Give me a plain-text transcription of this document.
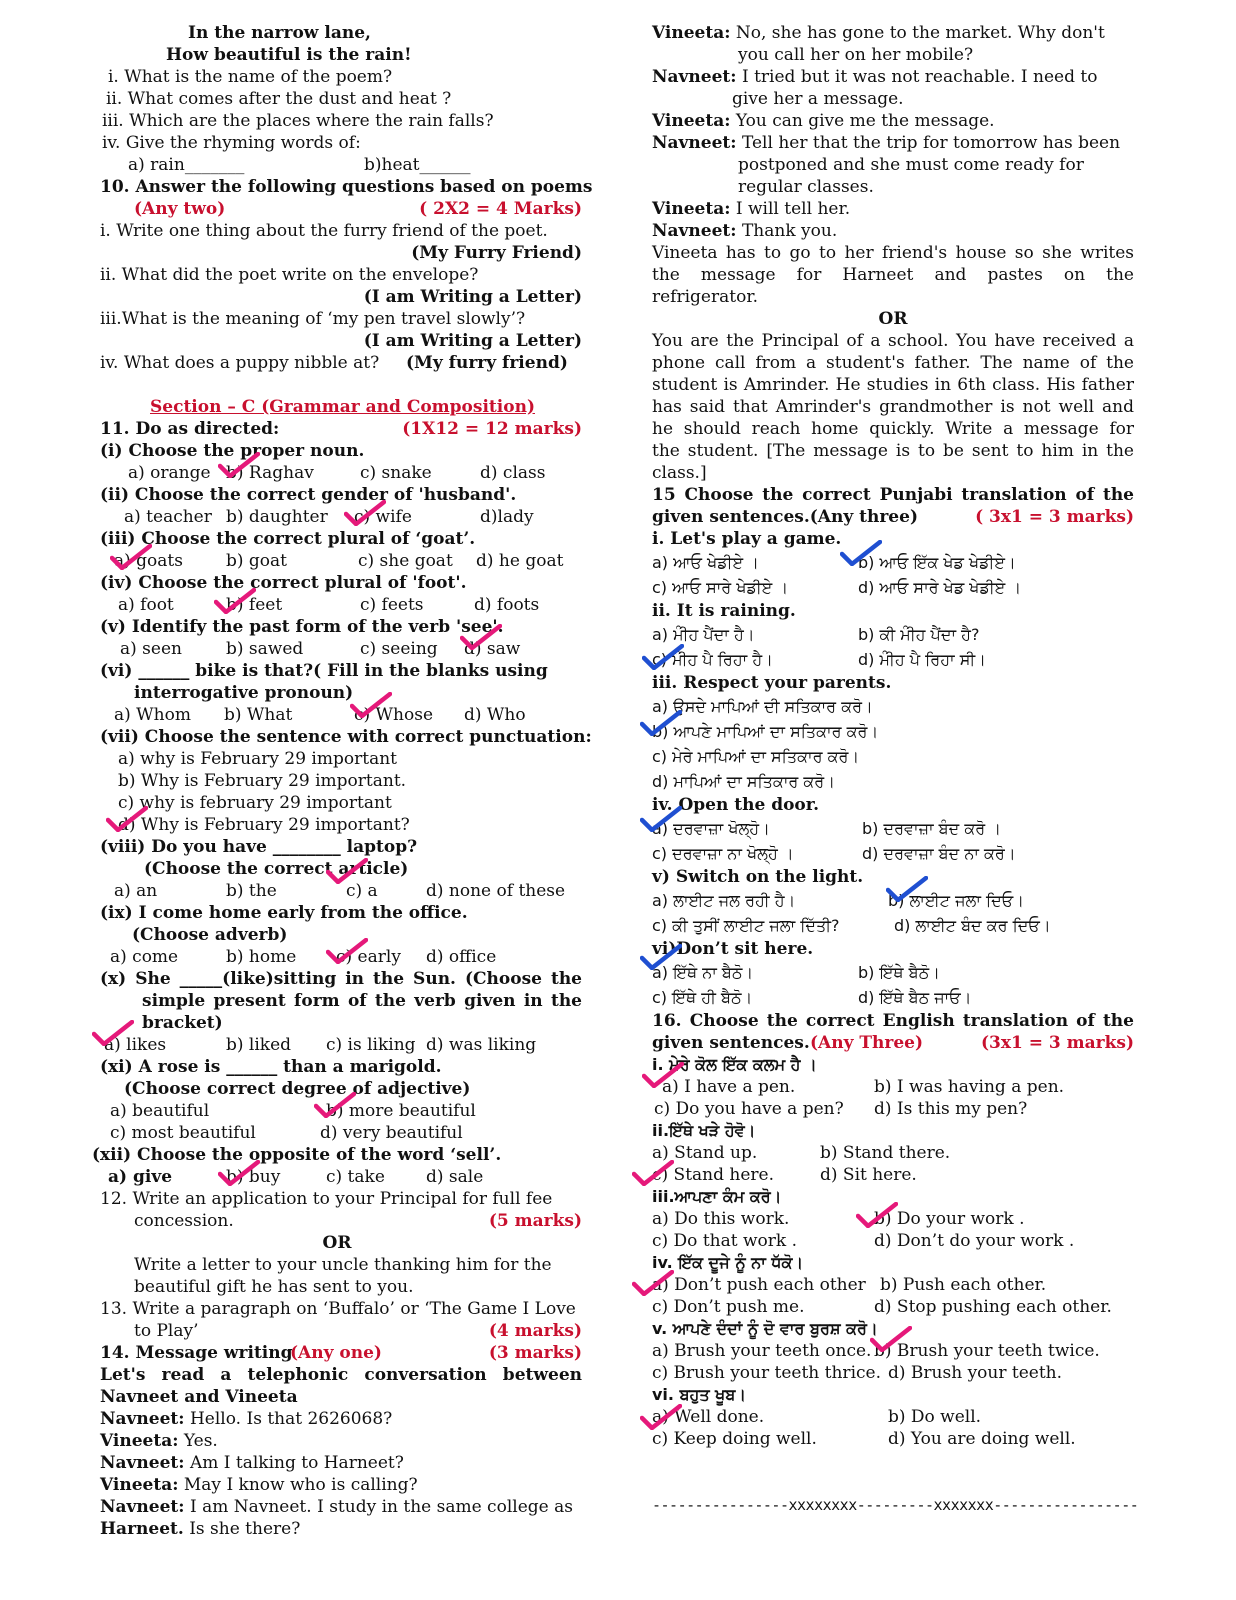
In the narrow lane,
How beautiful is the rain!
i. What is the name of the poem?
ii. What comes after the dust and heat ?
iii. Which are the places where the rain falls?
iv. Give the rhyming words of:
a) rain_______	b)heat______
10. Answer the following questions based on poems
(Any two)	( 2X2 = 4 Marks)
i. Write one thing about the furry friend of the poet.
(My Furry Friend)
ii. What did the poet write on the envelope?
(I am Writing a Letter)
iii.What is the meaning of ‘my pen travel slowly’?
(I am Writing a Letter)
iv. What does a puppy nibble at? (My furry friend)
Section – C (Grammar and Composition)
11. Do as directed:	(1X12 = 12 marks)
(i) Choose the proper noun.
a) orange b) Raghav	c) snake	d) class
(ii) Choose the correct gender of 'husband'.
a) teacher b) daughter c) wife	d)lady
(iii) Choose the correct plural of ‘goat’.
a) goats	b) goat	c) she goat d) he goat
(iv) Choose the correct plural of 'foot'.
a) foot	b) feet	c) feets	d) foots
(v) Identify the past form of the verb 'see'.
a) seen	b) sawed	c) seeing d) saw
(vi) ______ bike is that?( Fill in the blanks using
interrogative pronoun)
a) Whom b) What	c) Whose d) Who
(vii) Choose the sentence with correct punctuation:
a) why is February 29 important
b) Why is February 29 important.
c) why is february 29 important
d) Why is February 29 important?
(viii) Do you have ________ laptop?
(Choose the correct article)
a) an	b) the	c) a	d) none of these
(ix) I come home early from the office.
(Choose adverb)
a) come	b) home c) early d) office
(x) She _____(like)sitting in the Sun. (Choose the
simple present form of the verb given in the
bracket)
a) likes	b) liked c) is liking d) was liking
(xi) A rose is ______ than a marigold.
(Choose correct degree of adjective)
a) beautiful	b) more beautiful
c) most beautiful	d) very beautiful
(xii) Choose the opposite of the word ‘sell’.
a) give	b) buy	c) take d) sale
12. Write an application to your Principal for full fee
concession.	(5 marks)
OR
Write a letter to your uncle thanking him for the
beautiful gift he has sent to you.
13. Write a paragraph on ‘Buffalo’ or ‘The Game I Love
to Play’	(4 marks)
14. Message writing
(Any one)	(3 marks)
Let's read a telephonic conversation between
Navneet and Vineeta
Navneet: Hello. Is that 2626068?
Vineeta: Yes.
Navneet: Am I talking to Harneet?
Vineeta: May I know who is calling?
Navneet: I am Navneet. I study in the same college as
Harneet. Is she there?
Vineeta: No, she has gone to the market. Why don't
you call her on her mobile?
Navneet: I tried but it was not reachable. I need to
give her a message.
Vineeta: You can give me the message.
Navneet: Tell her that the trip for tomorrow has been
postponed and she must come ready for
regular classes.
Vineeta: I will tell her.
Navneet: Thank you.
Vineeta has to go to her friend's house so she writes
the message for Harneet and pastes on the
refrigerator.
OR
You are the Principal of a school. You have received a
phone call from a student's father. The name of the
student is Amrinder. He studies in 6th class. His father
has said that Amrinder's grandmother is not well and
he should reach home quickly. Write a message for
the student. [The message is to be sent to him in the
class.]
15 Choose the correct Punjabi translation of the
given sentences.(Any three)	( 3x1 = 3 marks)
i. Let's play a game.
a) ਆਓ ਖੇਡੀਏ ।	b) ਆਓ ਇੱਕ ਖੇਡ ਖੇਡੀਏ।
c) ਆਓ ਸਾਰੇ ਖੇਡੀਏ ।	d) ਆਓ ਸਾਰੇ ਖੇਡ ਖੇਡੀਏ ।
ii. It is raining.
a) ਮੀੰਹ ਪੈਂਦਾ ਹੈ।	b) ਕੀ ਮੀੰਹ ਪੈਂਦਾ ਹੈ?
c) ਮੀੰਹ ਪੈ ਰਿਹਾ ਹੈ।	d) ਮੀੰਹ ਪੈ ਰਿਹਾ ਸੀ।
iii. Respect your parents.
a) ਉਸਦੇ ਮਾਪਿਆਂ ਦੀ ਸਤਿਕਾਰ ਕਰੋ।
b) ਆਪਣੇ ਮਾਪਿਆਂ ਦਾ ਸਤਿਕਾਰ ਕਰੋ।
c) ਮੇਰੇ ਮਾਪਿਆਂ ਦਾ ਸਤਿਕਾਰ ਕਰੋ।
d) ਮਾਪਿਆਂ ਦਾ ਸਤਿਕਾਰ ਕਰੋ।
iv. Open the door.
a) ਦਰਵਾਜ਼ਾ ਖੋਲ੍ਹੋ।	b) ਦਰਵਾਜ਼ਾ ਬੰਦ ਕਰੋ ।
c) ਦਰਵਾਜ਼ਾ ਨਾ ਖੋਲ੍ਹੋ ।	d) ਦਰਵਾਜ਼ਾ ਬੰਦ ਨਾ ਕਰੋ।
v) Switch on the light.
a) ਲਾਈਟ ਜਲ ਰਹੀ ਹੈ।	b) ਲਾਈਟ ਜਲਾ ਦਿਓ।
c) ਕੀ ਤੁਸੀਂ ਲਾਈਟ ਜਲਾ ਦਿੱਤੀ?	d) ਲਾਈਟ ਬੰਦ ਕਰ ਦਿਓ।
vi)Don’t sit here.
a) ਇੱਥੇ ਨਾ ਬੈਠੋ।	b) ਇੱਥੇ ਬੈਠੋ।
c) ਇੱਥੇ ਹੀ ਬੈਠੋ।	d) ਇੱਥੇ ਬੈਠ ਜਾਓ।
16. Choose the correct English translation of the
given sentences. (Any Three)	(3x1 = 3 marks)
i. ਮੇਰੇ ਕੋਲ ਇੱਕ ਕਲਮ ਹੈ ।
a) I have a pen.	b) I was having a pen.
c) Do you have a pen? d) Is this my pen?
ii.ਇੱਥੇ ਖੜੇ ਹੋਵੋ।
a) Stand up.	b) Stand there.
c) Stand here.	d) Sit here.
iii.ਆਪਣਾ ਕੰਮ ਕਰੋ।
a) Do this work.	b) Do your work .
c) Do that work .	d) Don’t do your work .
iv. ਇੱਕ ਦੂਜੇ ਨੂੰ ਨਾ ਧੱਕੋ।
a) Don’t push each other b) Push each other.
c) Don’t push me.	d) Stop pushing each other.
v. ਆਪਣੇ ਦੰਦਾਂ ਨੂੰ ਦੋ ਵਾਰ ਬੁਰਸ਼ ਕਰੋ।
a) Brush your teeth once. b) Brush your teeth twice.
c) Brush your teeth thrice. d) Brush your teeth.
vi. ਬਹੁਤ ਖੂਬ।
a) Well done.	b) Do well.
c) Keep doing well.	d) You are doing well.
----------------xxxxxxxx---------xxxxxxx-----------------
